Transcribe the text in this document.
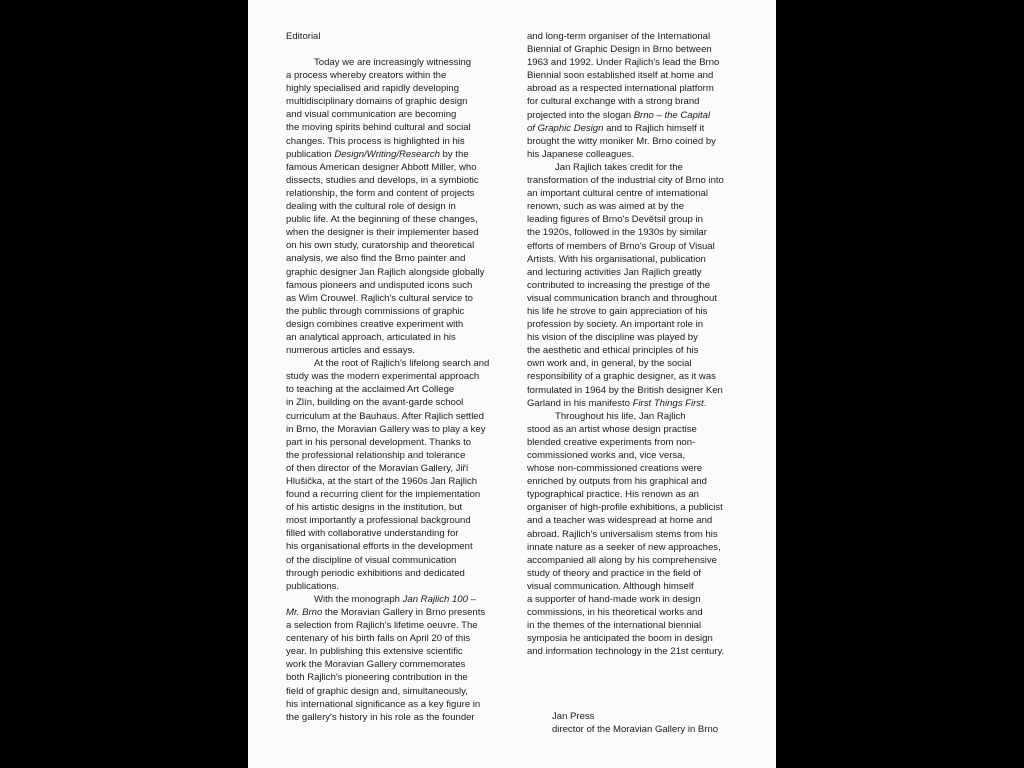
Editorial
Today we are increasingly witnessing
a process whereby creators within the
highly specialised and rapidly developing
multidisciplinary domains of graphic design
and visual communication are becoming
the moving spirits behind cultural and social
changes. This process is highlighted in his
publication Design/Writing/Research by the
famous American designer Abbott Miller, who
dissects, studies and develops, in a symbiotic
relationship, the form and content of projects
dealing with the cultural role of design in
public life. At the beginning of these changes,
when the designer is their implementer based
on his own study, curatorship and theoretical
analysis, we also find the Brno painter and
graphic designer Jan Rajlich alongside globally
famous pioneers and undisputed icons such
as Wim Crouwel. Rajlich's cultural service to
the public through commissions of graphic
design combines creative experiment with
an analytical approach, articulated in his
numerous articles and essays.
At the root of Rajlich's lifelong search and
study was the modern experimental approach
to teaching at the acclaimed Art College
in Zlín, building on the avant-garde school
curriculum at the Bauhaus. After Rajlich settled
in Brno, the Moravian Gallery was to play a key
part in his personal development. Thanks to
the professional relationship and tolerance
of then director of the Moravian Gallery, Jiří
Hlušička, at the start of the 1960s Jan Rajlich
found a recurring client for the implementation
of his artistic designs in the institution, but
most importantly a professional background
filled with collaborative understanding for
his organisational efforts in the development
of the discipline of visual communication
through periodic exhibitions and dedicated
publications.
With the monograph Jan Rajlich 100 –
Mr. Brno the Moravian Gallery in Brno presents
a selection from Rajlich's lifetime oeuvre. The
centenary of his birth falls on April 20 of this
year. In publishing this extensive scientific
work the Moravian Gallery commemorates
both Rajlich's pioneering contribution in the
field of graphic design and, simultaneously,
his international significance as a key figure in
the gallery's history in his role as the founder
and long-term organiser of the International
Biennial of Graphic Design in Brno between
1963 and 1992. Under Rajlich's lead the Brno
Biennial soon established itself at home and
abroad as a respected international platform
for cultural exchange with a strong brand
projected into the slogan Brno – the Capital
of Graphic Design and to Rajlich himself it
brought the witty moniker Mr. Brno coined by
his Japanese colleagues.
Jan Rajlich takes credit for the
transformation of the industrial city of Brno into
an important cultural centre of international
renown, such as was aimed at by the
leading figures of Brno's Devětsil group in
the 1920s, followed in the 1930s by similar
efforts of members of Brno's Group of Visual
Artists. With his organisational, publication
and lecturing activities Jan Rajlich greatly
contributed to increasing the prestige of the
visual communication branch and throughout
his life he strove to gain appreciation of his
profession by society. An important role in
his vision of the discipline was played by
the aesthetic and ethical principles of his
own work and, in general, by the social
responsibility of a graphic designer, as it was
formulated in 1964 by the British designer Ken
Garland in his manifesto First Things First.
Throughout his life, Jan Rajlich
stood as an artist whose design practise
blended creative experiments from non-
commissioned works and, vice versa,
whose non-commissioned creations were
enriched by outputs from his graphical and
typographical practice. His renown as an
organiser of high-profile exhibitions, a publicist
and a teacher was widespread at home and
abroad. Rajlich's universalism stems from his
innate nature as a seeker of new approaches,
accompanied all along by his comprehensive
study of theory and practice in the field of
visual communication. Although himself
a supporter of hand-made work in design
commissions, in his theoretical works and
in the themes of the international biennial
symposia he anticipated the boom in design
and information technology in the 21st century.
Jan Press
director of the Moravian Gallery in Brno
